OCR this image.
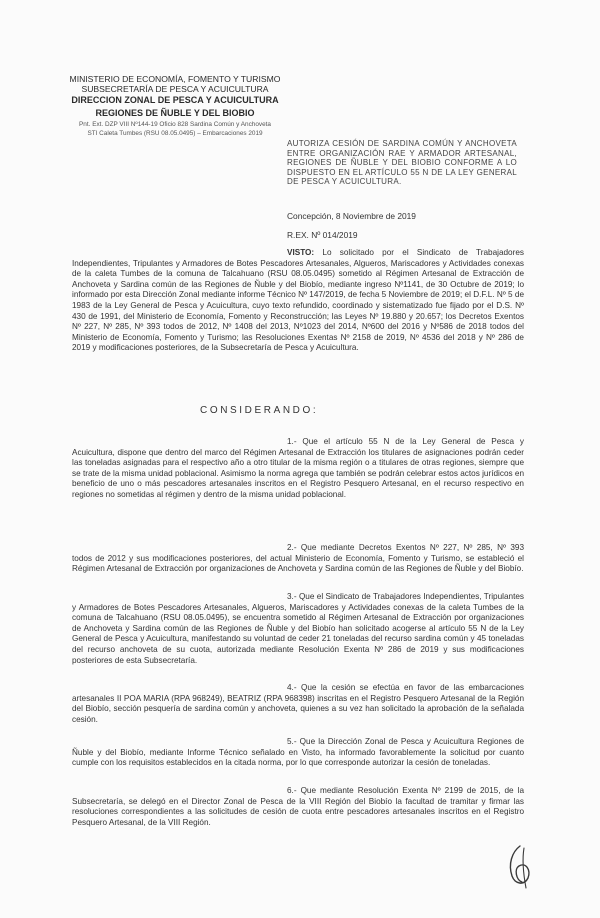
MINISTERIO DE ECONOMÍA, FOMENTO Y TURISMO
SUBSECRETARÍA DE PESCA Y ACUICULTURA
DIRECCION ZONAL DE PESCA Y ACUICULTURA
REGIONES DE ÑUBLE Y DEL BIOBIO
Pnt. Ext. DZP VIII Nº144-19 Oficio 828 Sardina Común y Anchoveta
STI Caleta Tumbes (RSU 08.05.0495) – Embarcaciones 2019
AUTORIZA CESIÓN DE SARDINA COMÚN Y ANCHOVETA ENTRE ORGANIZACIÓN RAE Y ARMADOR ARTESANAL, REGIONES DE ÑUBLE Y DEL BIOBIO CONFORME A LO DISPUESTO EN EL ARTÍCULO 55 N DE LA LEY GENERAL DE PESCA Y ACUICULTURA.
Concepción, 8 Noviembre de 2019
R.EX. Nº 014/2019
VISTO: Lo solicitado por el Sindicato de Trabajadores Independientes, Tripulantes y Armadores de Botes Pescadores Artesanales, Algueros, Mariscadores y Actividades conexas de la caleta Tumbes de la comuna de Talcahuano (RSU 08.05.0495) sometido al Régimen Artesanal de Extracción de Anchoveta y Sardina común de las Regiones de Ñuble y del Biobío, mediante ingreso Nº1141, de 30 Octubre de 2019; lo informado por esta Dirección Zonal mediante informe Técnico Nº 147/2019, de fecha 5 Noviembre de 2019; el D.F.L. Nº 5 de 1983 de la Ley General de Pesca y Acuicultura, cuyo texto refundido, coordinado y sistematizado fue fijado por el D.S. Nº 430 de 1991, del Ministerio de Economía, Fomento y Reconstrucción; las Leyes Nº 19.880 y 20.657; los Decretos Exentos Nº 227, Nº 285, Nº 393 todos de 2012, Nº 1408 del 2013, Nº1023 del 2014, Nº600 del 2016 y Nº586 de 2018 todos del Ministerio de Economía, Fomento y Turismo; las Resoluciones Exentas Nº 2158 de 2019, Nº 4536 del 2018 y Nº 286 de 2019 y modificaciones posteriores, de la Subsecretaría de Pesca y Acuicultura.
CONSIDERANDO:
1.- Que el artículo 55 N de la Ley General de Pesca y Acuicultura, dispone que dentro del marco del Régimen Artesanal de Extracción los titulares de asignaciones podrán ceder las toneladas asignadas para el respectivo año a otro titular de la misma región o a titulares de otras regiones, siempre que se trate de la misma unidad poblacional. Asimismo la norma agrega que también se podrán celebrar estos actos jurídicos en beneficio de uno o más pescadores artesanales inscritos en el Registro Pesquero Artesanal, en el recurso respectivo en regiones no sometidas al régimen y dentro de la misma unidad poblacional.
2.- Que mediante Decretos Exentos Nº 227, Nº 285, Nº 393 todos de 2012 y sus modificaciones posteriores, del actual Ministerio de Economía, Fomento y Turismo, se estableció el Régimen Artesanal de Extracción por organizaciones de Anchoveta y Sardina común de las Regiones de Ñuble y del Biobío.
3.- Que el Sindicato de Trabajadores Independientes, Tripulantes y Armadores de Botes Pescadores Artesanales, Algueros, Mariscadores y Actividades conexas de la caleta Tumbes de la comuna de Talcahuano (RSU 08.05.0495), se encuentra sometido al Régimen Artesanal de Extracción por organizaciones de Anchoveta y Sardina común de las Regiones de Ñuble y del Biobío han solicitado acogerse al artículo 55 N de la Ley General de Pesca y Acuicultura, manifestando su voluntad de ceder 21 toneladas del recurso sardina común y 45 toneladas del recurso anchoveta de su cuota, autorizada mediante Resolución Exenta Nº 286 de 2019 y sus modificaciones posteriores de esta Subsecretaría.
4.- Que la cesión se efectúa en favor de las embarcaciones artesanales II POA MARIA (RPA 968249), BEATRIZ (RPA 968398) inscritas en el Registro Pesquero Artesanal de la Región del Biobío, sección pesquería de sardina común y anchoveta, quienes a su vez han solicitado la aprobación de la señalada cesión.
5.- Que la Dirección Zonal de Pesca y Acuicultura Regiones de Ñuble y del Biobío, mediante Informe Técnico señalado en Visto, ha informado favorablemente la solicitud por cuanto cumple con los requisitos establecidos en la citada norma, por lo que corresponde autorizar la cesión de toneladas.
6.- Que mediante Resolución Exenta Nº 2199 de 2015, de la Subsecretaría, se delegó en el Director Zonal de Pesca de la VIII Región del Biobío la facultad de tramitar y firmar las resoluciones correspondientes a las solicitudes de cesión de cuota entre pescadores artesanales inscritos en el Registro Pesquero Artesanal, de la VIII Región.
